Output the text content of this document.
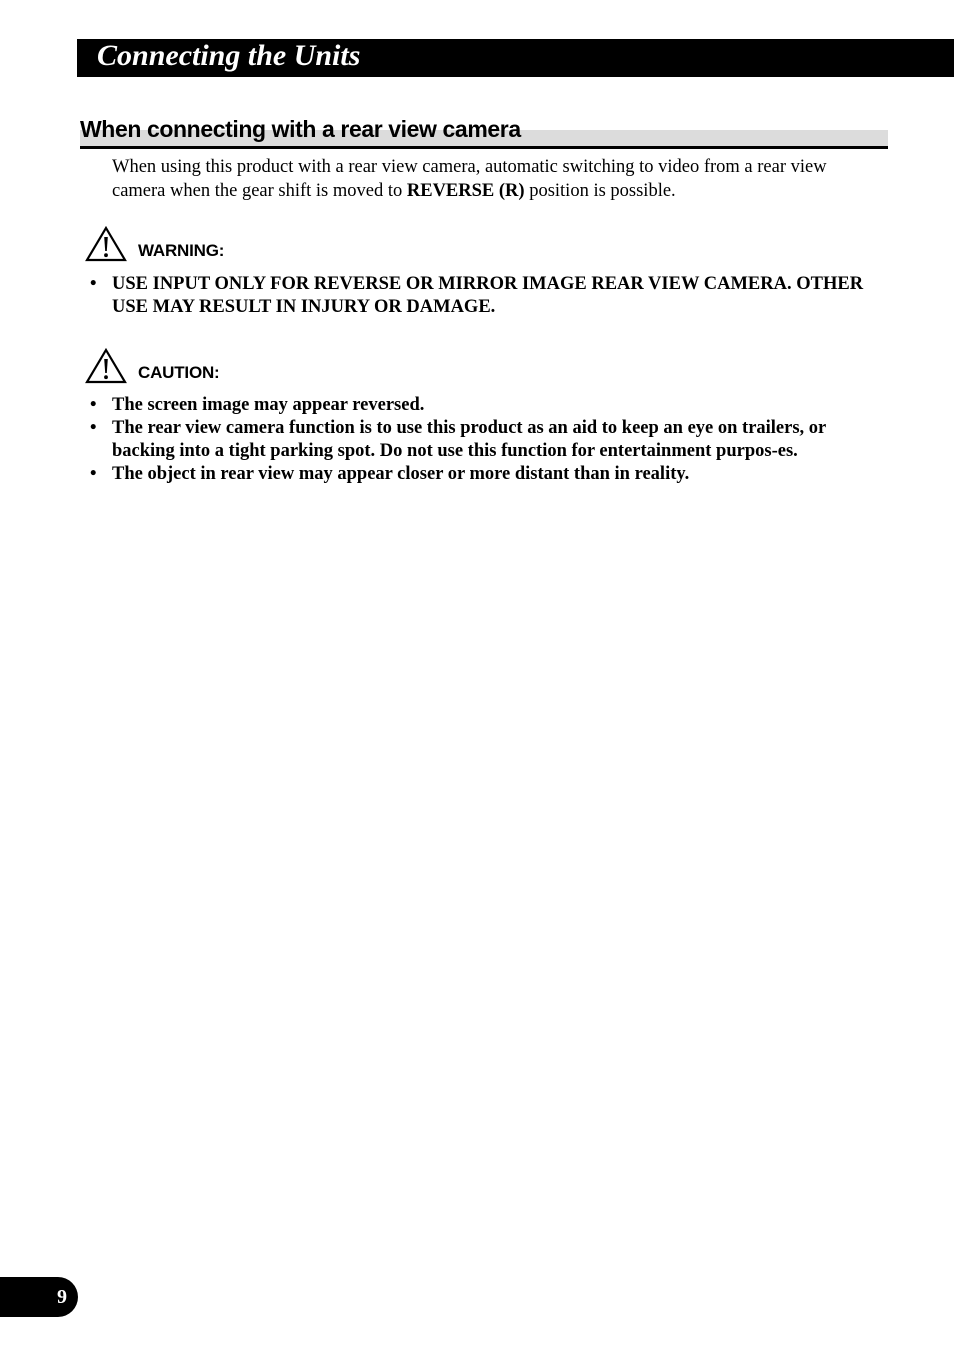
Connecting the Units
When connecting with a rear view camera
When using this product with a rear view camera, automatic switching to video from a rear view camera when the gear shift is moved to REVERSE (R) position is possible.
WARNING:
• USE INPUT ONLY FOR REVERSE OR MIRROR IMAGE REAR VIEW CAMERA. OTHER USE MAY RESULT IN INJURY OR DAMAGE.
CAUTION:
• The screen image may appear reversed.
• The rear view camera function is to use this product as an aid to keep an eye on trailers, or backing into a tight parking spot. Do not use this function for entertainment purpos-es.
• The object in rear view may appear closer or more distant than in reality.
9
